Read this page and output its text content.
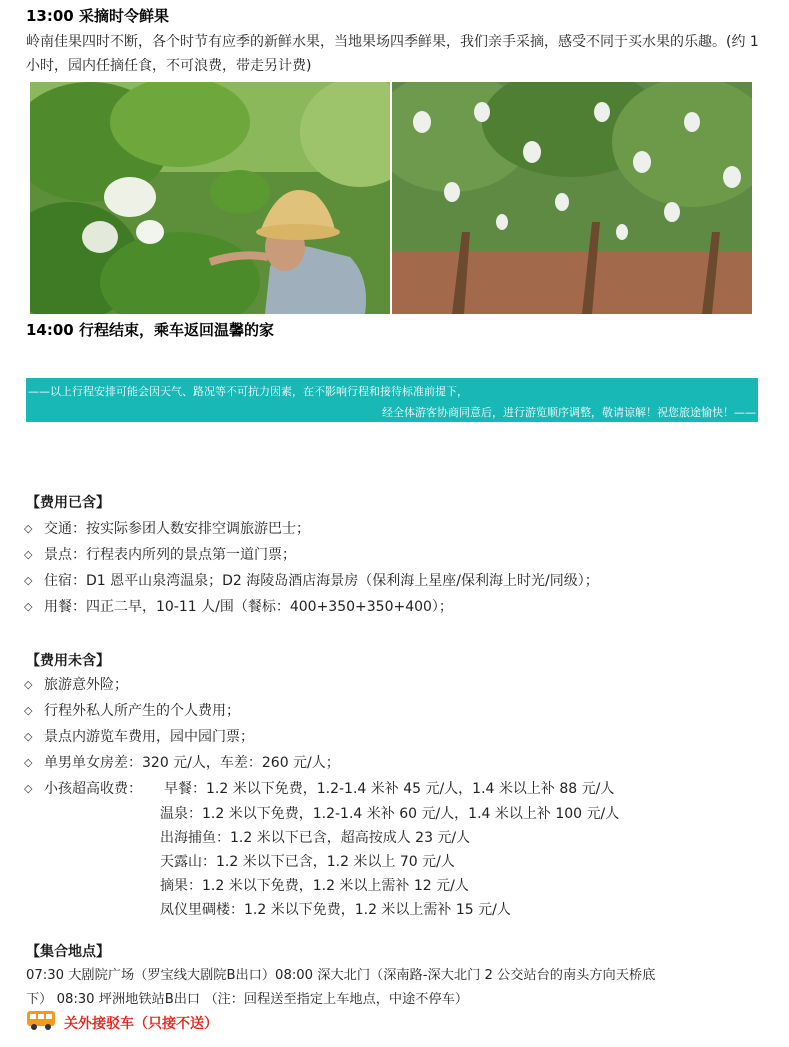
13:00 采摘时令鲜果
岭南佳果四时不断，各个时节有应季的新鲜水果，当地果场四季鲜果，我们亲手采摘，感受不同于买水果的乐趣。(约 1 小时，园内任摘任食，不可浪费，带走另计费)
14:00 行程结束，乘车返回温馨的家
——以上行程安排可能会因天气、路况等不可抗力因素，在不影响行程和接待标准前提下，
经全体游客协商同意后，进行游览顺序调整，敬请谅解！祝您旅途愉快！——
【费用已含】
◇ 交通：按实际参团人数安排空调旅游巴士；
◇ 景点：行程表内所列的景点第一道门票；
◇ 住宿：D1 恩平山泉湾温泉；D2 海陵岛酒店海景房（保利海上星座/保利海上时光/同级）；
◇ 用餐：四正二早，10-11 人/围（餐标：400+350+350+400）；
【费用未含】
◇ 旅游意外险；
◇ 行程外私人所产生的个人费用；
◇ 景点内游览车费用，园中园门票；
◇ 单男单女房差：320 元/人，车差：260 元/人；
◇ 小孩超高收费： 早餐：1.2 米以下免费，1.2-1.4 米补 45 元/人，1.4 米以上补 88 元/人
温泉：1.2 米以下免费，1.2-1.4 米补 60 元/人，1.4 米以上补 100 元/人
出海捕鱼：1.2 米以下已含，超高按成人 23 元/人
天露山：1.2 米以下已含，1.2 米以上 70 元/人
摘果：1.2 米以下免费，1.2 米以上需补 12 元/人
凤仪里碉楼：1.2 米以下免费，1.2 米以上需补 15 元/人
【集合地点】
07:30 大剧院广场（罗宝线大剧院B出口）08:00 深大北门（深南路-深大北门 2 公交站台的南头方向天桥底
下） 08:30 坪洲地铁站B出口 （注：回程送至指定上车地点，中途不停车）
关外接驳车（只接不送）
